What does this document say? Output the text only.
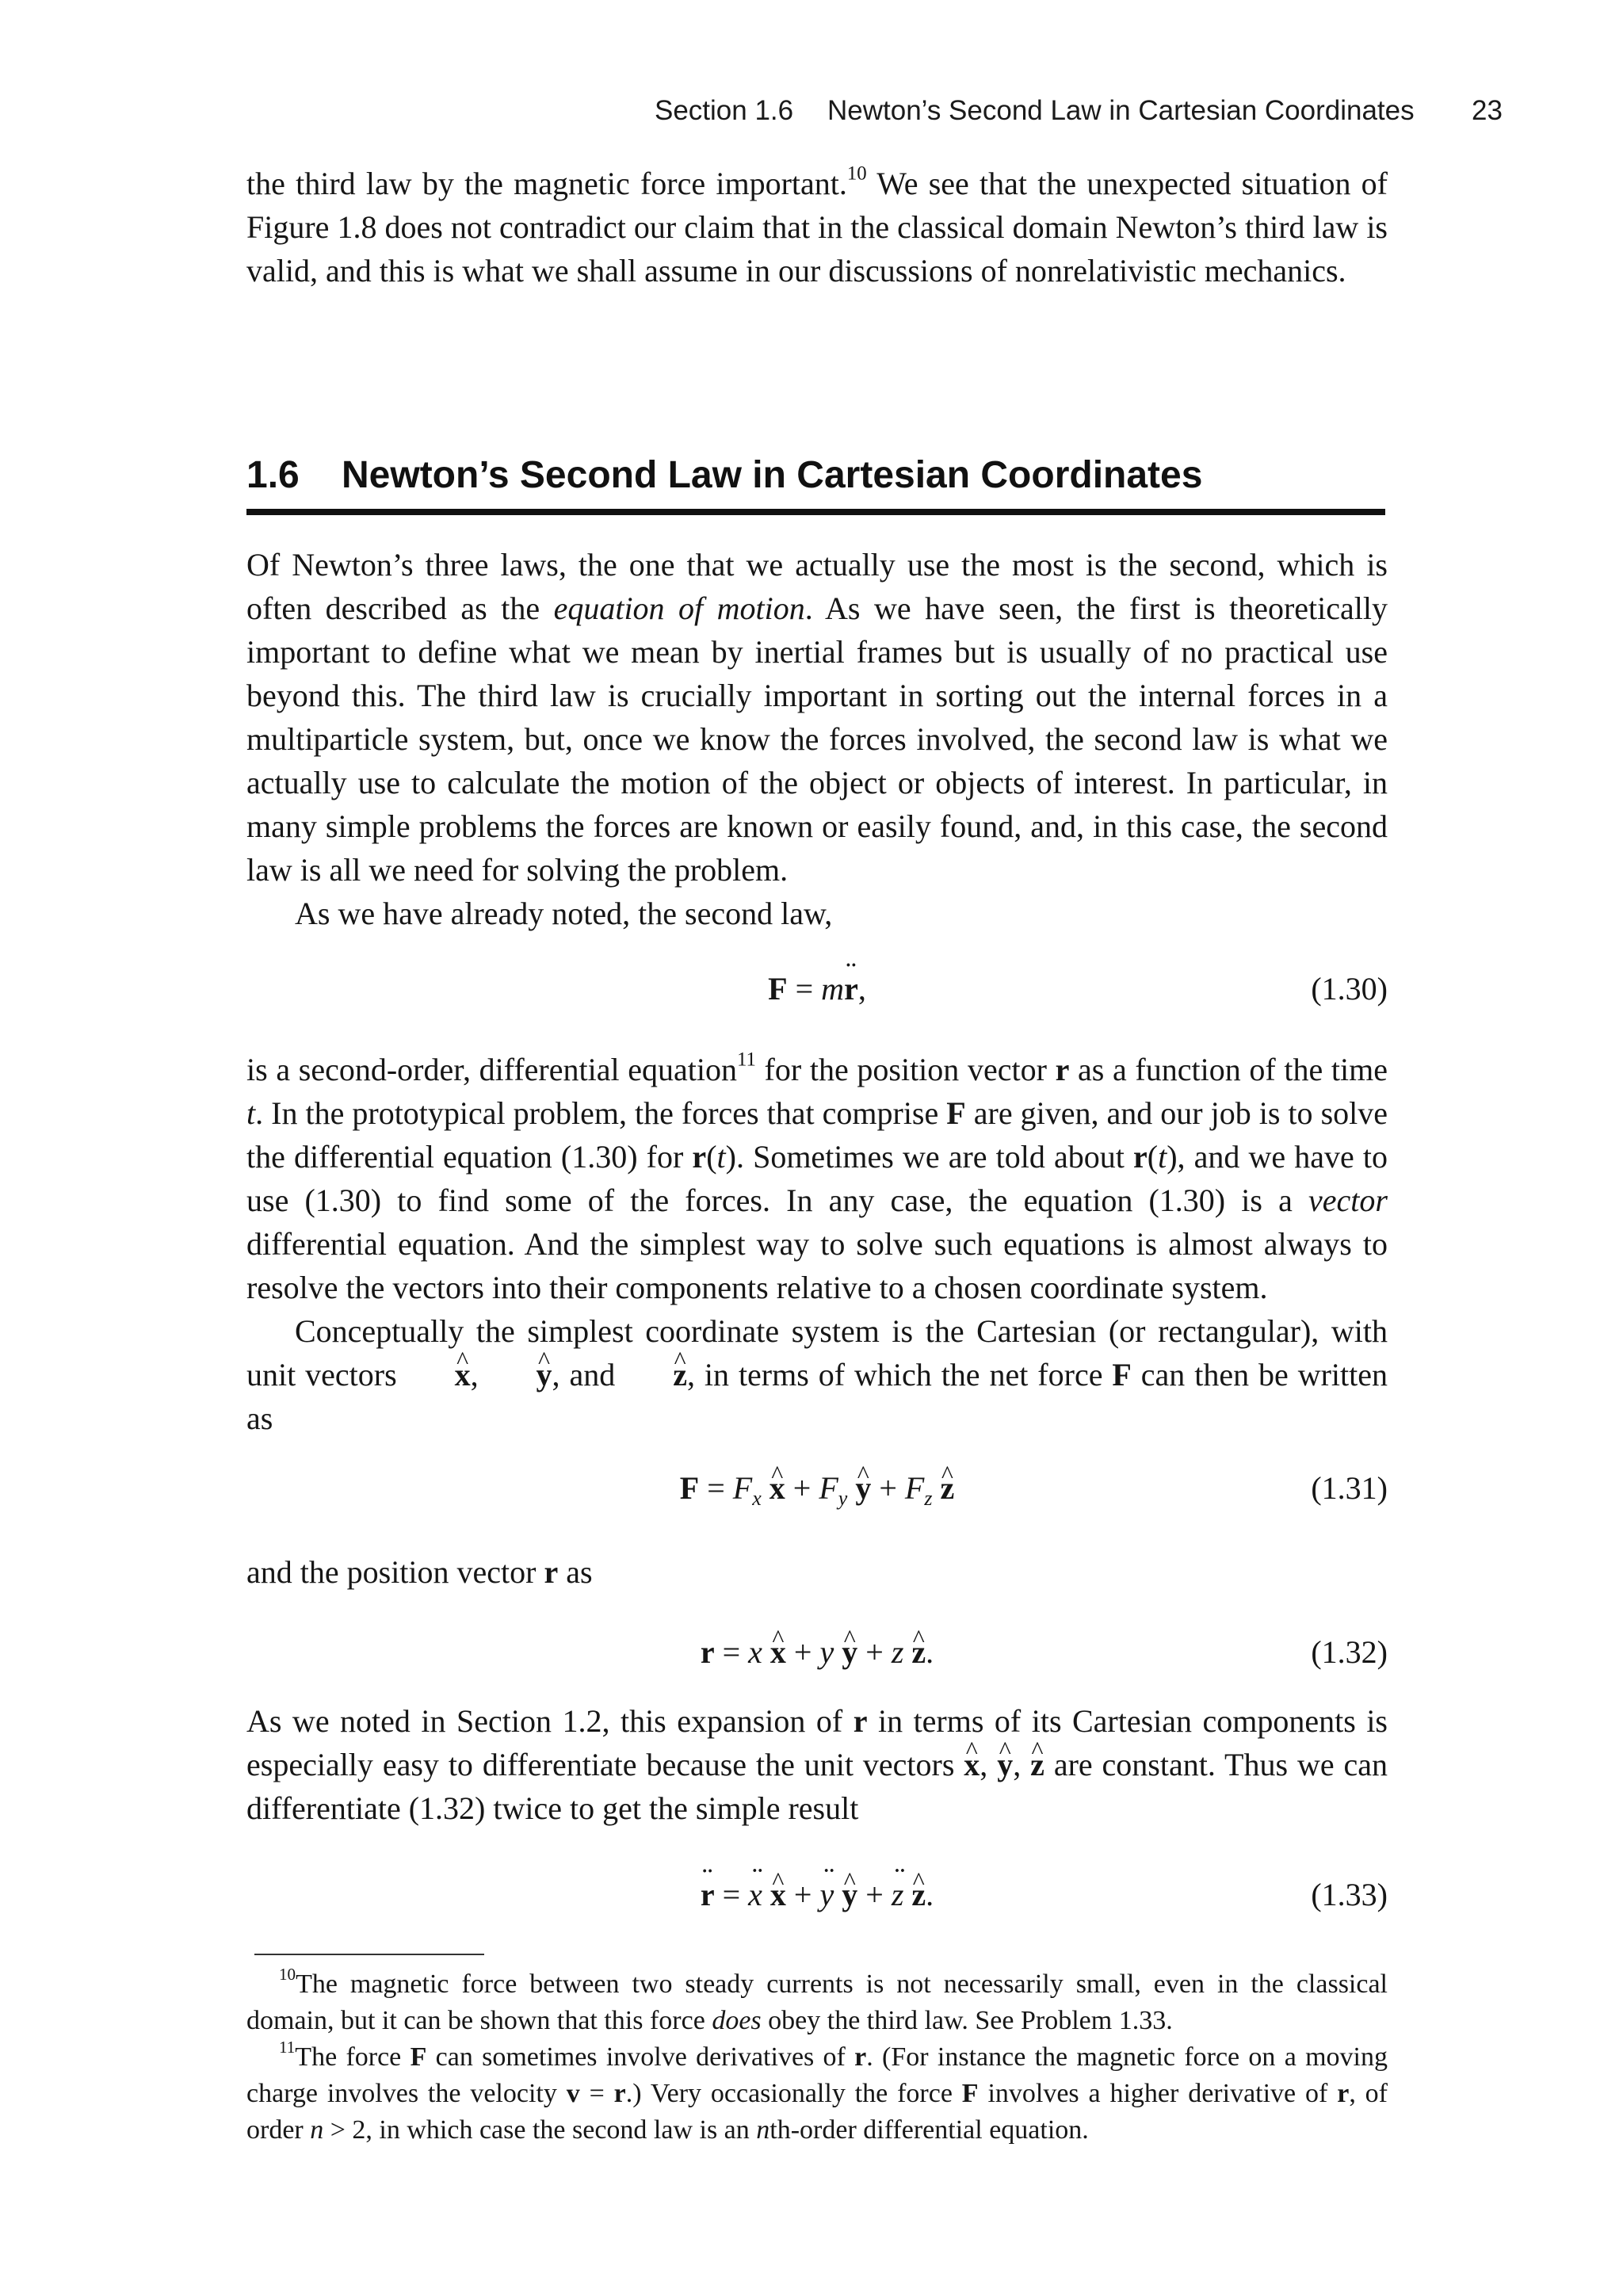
Section 1.6 Newton’s Second Law in Cartesian Coordinates 23

the third law by the magnetic force important.$^{10}$ We see that the unexpected situation of Figure 1.8 does not contradict our claim that in the classical domain Newton’s third law is valid, and this is what we shall assume in our discussions of nonrelativistic mechanics.

1.6 Newton’s Second Law in Cartesian Coordinates

Of Newton’s three laws, the one that we actually use the most is the second, which is often described as the equation of motion. As we have seen, the first is theoretically important to define what we mean by inertial frames but is usually of no practical use beyond this. The third law is crucially important in sorting out the internal forces in a multiparticle system, but, once we know the forces involved, the second law is what we actually use to calculate the motion of the object or objects of interest. In particular, in many simple problems the forces are known or easily found, and, in this case, the second law is all we need for solving the problem.

As we have already noted, the second law,

F = m¨ r,	(1.30)

is a second-order, differential equation$^{11}$ for the position vector r as a function of the time t. In the prototypical problem, the forces that comprise F are given, and our job is to solve the differential equation (1.30) for r(t). Sometimes we are told about r(t), and we have to use (1.30) to find some of the forces. In any case, the equation (1.30) is a vector differential equation. And the simplest way to solve such equations is almost always to resolve the vectors into their components relative to a chosen coordinate system.

Conceptually the simplest coordinate system is the Cartesian (or rectangular), with unit vectors ^ x, ^ y, and ^ z, in terms of which the net force F can then be written as

$F = F_x$ ^ $x + F_y$ ^ $y + F_z$ ^ z	(1.31)

and the position vector r as

r = x ^ x + y ^ y + z ^ z.	(1.32)

As we noted in Section 1.2, this expansion of r in terms of its Cartesian components is especially easy to differentiate because the unit vectors ^ x, ^ y, ^ z are constant. Thus we can differentiate (1.32) twice to get the simple result

¨ r = ¨ x ^ x + ¨ y ^ y + ¨ z ^ z.	(1.33)

$^{10}$The magnetic force between two steady currents is not necessarily small, even in the classical domain, but it can be shown that this force does obey the third law. See Problem 1.33.

$^{11}$The force F can sometimes involve derivatives of r. (For instance the magnetic force on a moving charge involves the velocity v = r.) Very occasionally the force F involves a higher derivative of r, of order n > 2, in which case the second law is an nth-order differential equation.
